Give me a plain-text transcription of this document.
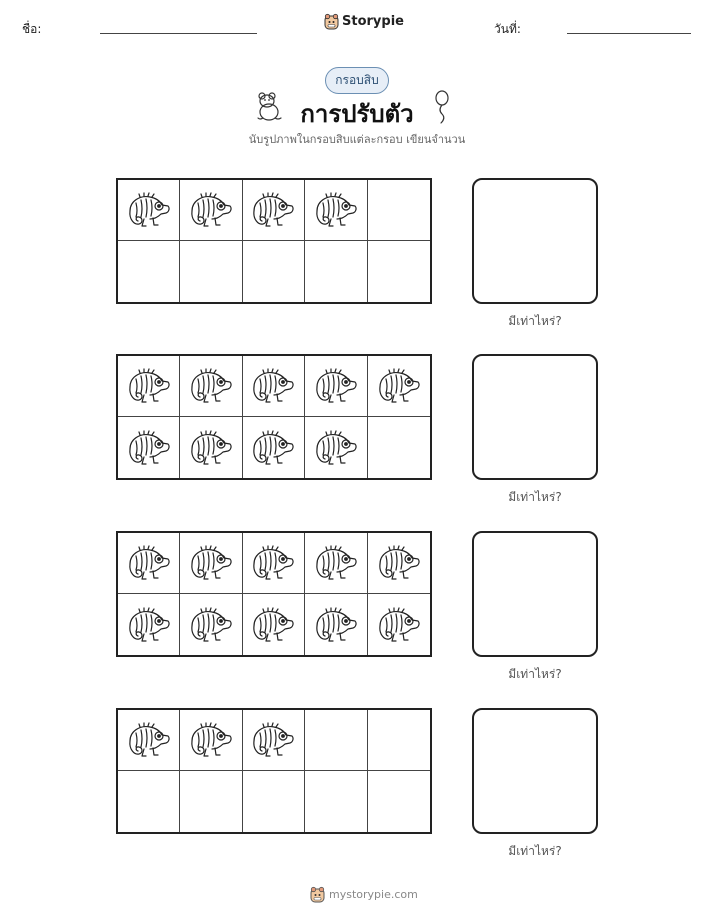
ชื่อ:	Storypie	วันที่:
กรอบสิบ
การปรับตัว
นับรูปภาพในกรอบสิบแต่ละกรอบ เขียนจำนวน
มีเท่าไหร่?
มีเท่าไหร่?
มีเท่าไหร่?
มีเท่าไหร่?
mystorypie.com
